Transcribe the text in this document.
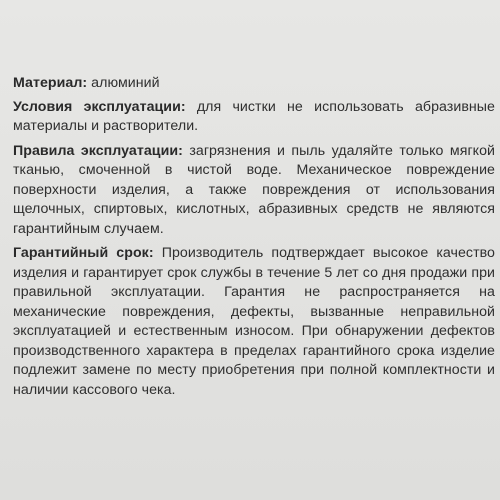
Материал: алюминий

Условия эксплуатации: для чистки не использовать абразивные материалы и растворители.

Правила эксплуатации: загрязнения и пыль удаляйте только мягкой тканью, смоченной в чистой воде. Механическое повреждение поверхности изделия, а также повреждения от использования щелочных, спиртовых, кислотных, абразивных средств не являются гарантийным случаем.

Гарантийный срок: Производитель подтверждает высокое качество изделия и гарантирует срок службы в течение 5 лет со дня продажи при правильной эксплуатации. Гарантия не распространяется на механические повреждения, дефекты, вызванные неправильной эксплуатацией и естественным износом. При обнаружении дефектов производственного характера в пределах гарантийного срока изделие подлежит замене по месту приобретения при полной комплектности и наличии кассового чека.
